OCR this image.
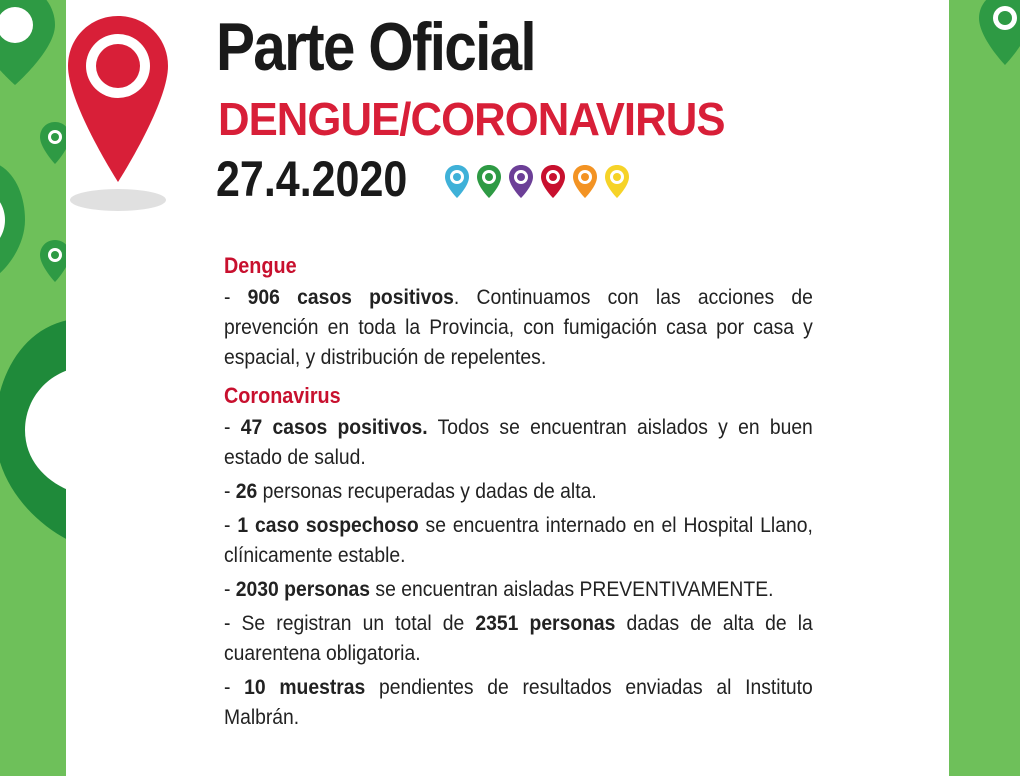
Parte Oficial
DENGUE/CORONAVIRUS
27.4.2020
Dengue

- 906 casos positivos. Continuamos con las acciones de prevención en toda la Provincia, con fumigación casa por casa y espacial, y distribución de repelentes.

Coronavirus

- 47 casos positivos. Todos se encuentran aislados y en buen estado de salud.

- 26 personas recuperadas y dadas de alta.

- 1 caso sospechoso se encuentra internado en el Hospital Llano, clínicamente estable.

- 2030 personas se encuentran aisladas PREVENTIVAMENTE.

- Se registran un total de 2351 personas dadas de alta de la cuarentena obligatoria.

- 10 muestras pendientes de resultados enviadas al Instituto Malbrán.
